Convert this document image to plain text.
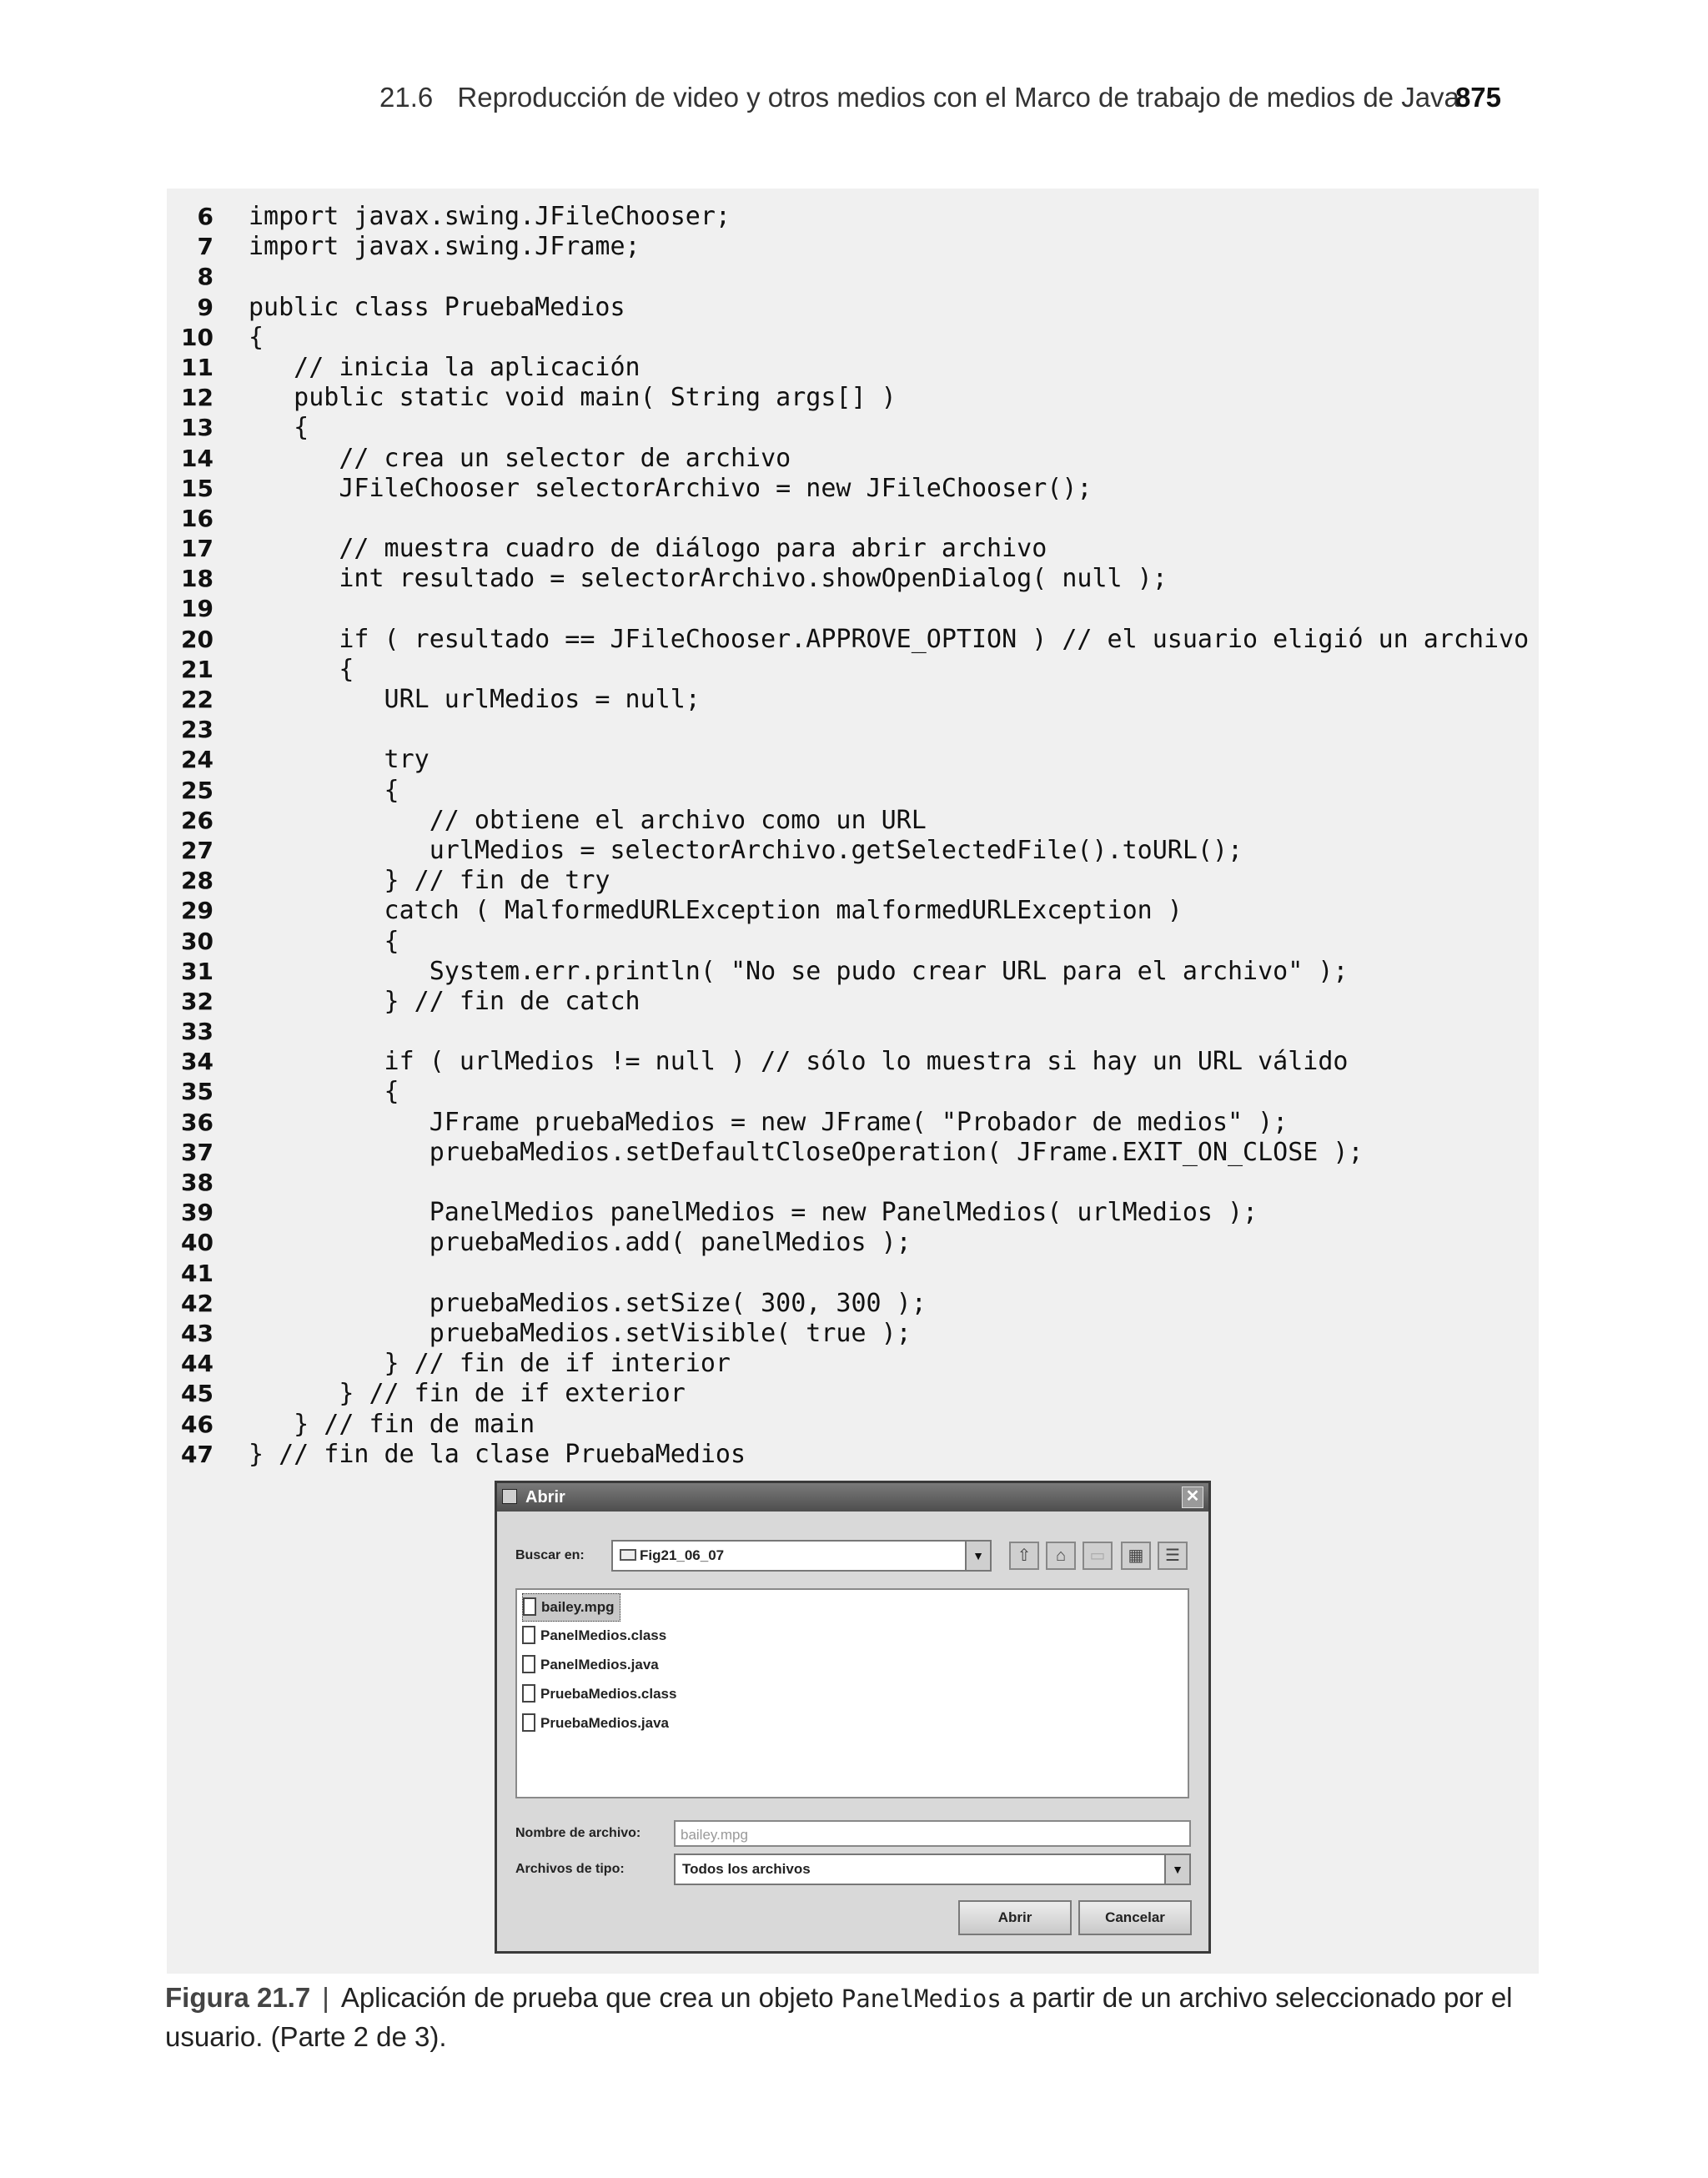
21.6 Reproducción de video y otros medios con el Marco de trabajo de medios de Java
875
6 import javax.swing.JFileChooser;
7 import javax.swing.JFrame;
8
9 public class PruebaMedios
10 {
11 // inicia la aplicación
12 public static void main( String args[] )
13 {
14 // crea un selector de archivo
15 JFileChooser selectorArchivo = new JFileChooser();
16
17 // muestra cuadro de diálogo para abrir archivo
18 int resultado = selectorArchivo.showOpenDialog( null );
19
20 if ( resultado == JFileChooser.APPROVE_OPTION ) // el usuario eligió un archivo
21 {
22 URL urlMedios = null;
23
24 try
25 {
26 // obtiene el archivo como un URL
27 urlMedios = selectorArchivo.getSelectedFile().toURL();
28 } // fin de try
29 catch ( MalformedURLException malformedURLException )
30 {
31 System.err.println( "No se pudo crear URL para el archivo" );
32 } // fin de catch
33
34 if ( urlMedios != null ) // sólo lo muestra si hay un URL válido
35 {
36 JFrame pruebaMedios = new JFrame( "Probador de medios" );
37 pruebaMedios.setDefaultCloseOperation( JFrame.EXIT_ON_CLOSE );
38
39 PanelMedios panelMedios = new PanelMedios( urlMedios );
40 pruebaMedios.add( panelMedios );
41
42 pruebaMedios.setSize( 300, 300 );
43 pruebaMedios.setVisible( true );
44 } // fin de if interior
45 } // fin de if exterior
46 } // fin de main
47 } // fin de la clase PruebaMedios
Abrir	✕
Buscar en:	Fig21_06_07	▼	⇧	⌂	▭	▦	☰
bailey.mpg
PanelMedios.class
PanelMedios.java
PruebaMedios.class
PruebaMedios.java
Nombre de archivo:	bailey.mpg
Archivos de tipo:	Todos los archivos	▼
Abrir	Cancelar
Figura 21.7 | Aplicación de prueba que crea un objeto PanelMedios a partir de un archivo seleccionado por el usuario. (Parte 2 de 3).
